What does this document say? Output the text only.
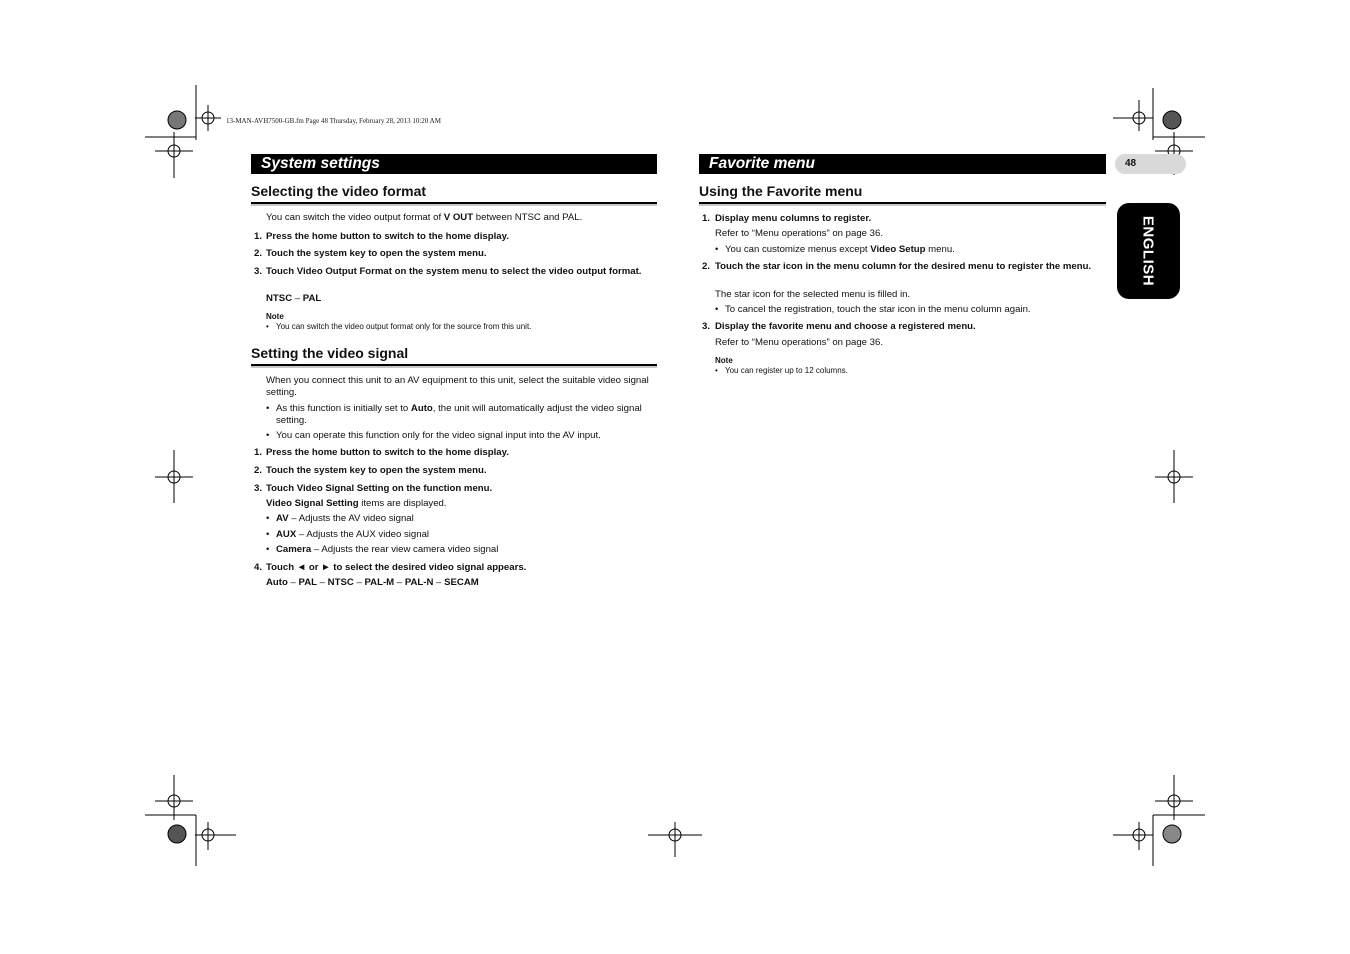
13-MAN-AVH7500-GB.fm Page 48 Thursday, February 28, 2013 10:20 AM
System settings
Selecting the video format
You can switch the video output format of V OUT between NTSC and PAL.
1. Press the home button to switch to the home display.
2. Touch the system key to open the system menu.
3. Touch Video Output Format on the system menu to select the video output format.
NTSC – PAL
Note
• You can switch the video output format only for the source from this unit.
Setting the video signal
When you connect this unit to an AV equipment to this unit, select the suitable video signal setting.
• As this function is initially set to Auto, the unit will automatically adjust the video signal setting.
• You can operate this function only for the video signal input into the AV input.
1. Press the home button to switch to the home display.
2. Touch the system key to open the system menu.
3. Touch Video Signal Setting on the function menu.
Video Signal Setting items are displayed.
• AV – Adjusts the AV video signal
• AUX – Adjusts the AUX video signal
• Camera – Adjusts the rear view camera video signal
4. Touch ◄ or ► to select the desired video signal appears.
Auto – PAL – NTSC – PAL-M – PAL-N – SECAM
Favorite menu
Using the Favorite menu
1. Display menu columns to register.
Refer to “Menu operations” on page 36.
• You can customize menus except Video Setup menu.
2. Touch the star icon in the menu column for the desired menu to register the menu.
The star icon for the selected menu is filled in.
• To cancel the registration, touch the star icon in the menu column again.
3. Display the favorite menu and choose a registered menu.
Refer to “Menu operations” on page 36.
Note
• You can register up to 12 columns.
48
ENGLISH
